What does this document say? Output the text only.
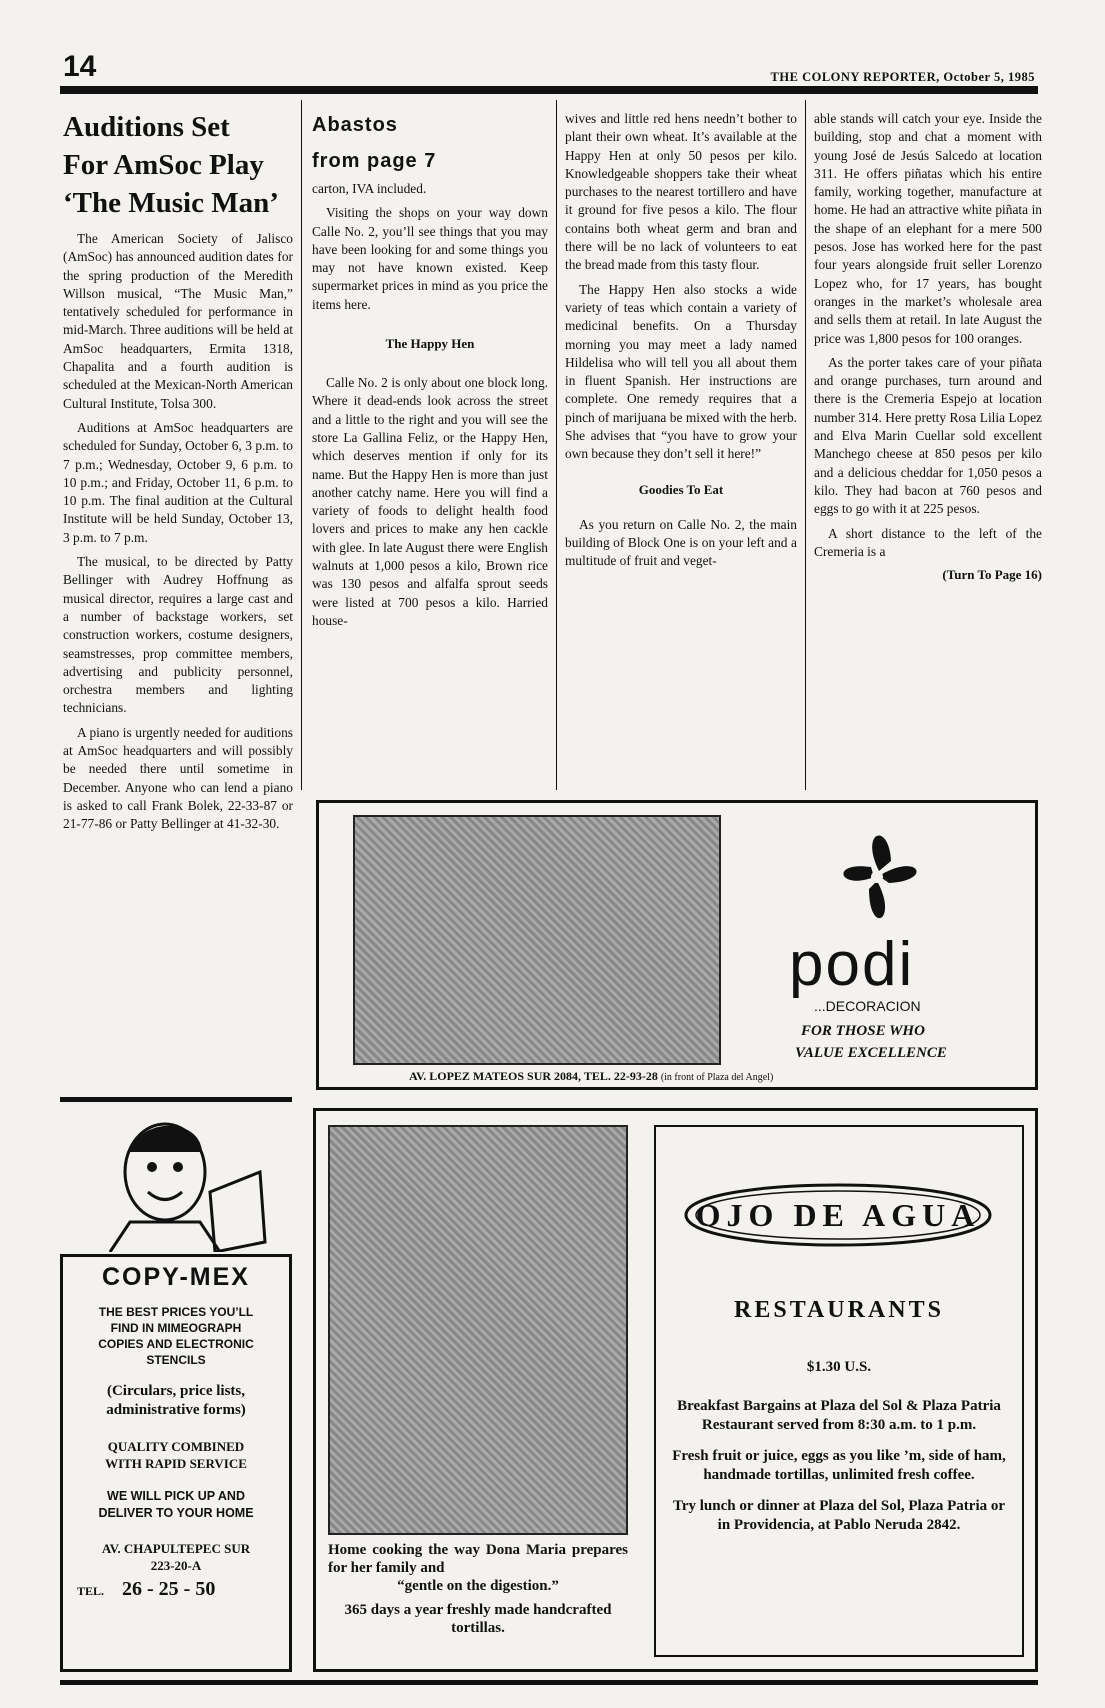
14	THE COLONY REPORTER, October 5, 1985
Auditions Set
For AmSoc Play
‘The Music Man’

The American Society of Jalisco (AmSoc) has announced audition dates for the spring production of the Meredith Willson musical, “The Music Man,” tentatively scheduled for performance in mid-March. Three auditions will be held at AmSoc headquarters, Ermita 1318, Chapalita and a fourth audition is scheduled at the Mexican-North American Cultural Institute, Tolsa 300.

Auditions at AmSoc headquarters are scheduled for Sunday, October 6, 3 p.m. to 7 p.m.; Wednesday, October 9, 6 p.m. to 10 p.m.; and Friday, October 11, 6 p.m. to 10 p.m. The final audition at the Cultural Institute will be held Sunday, October 13, 3 p.m. to 7 p.m.

The musical, to be directed by Patty Bellinger with Audrey Hoffnung as musical director, requires a large cast and a number of backstage workers, set construction workers, costume designers, seamstresses, prop committee members, advertising and publicity personnel, orchestra members and lighting technicians.

A piano is urgently needed for auditions at AmSoc headquarters and will possibly be needed there until sometime in December. Anyone who can lend a piano is asked to call Frank Bolek, 22-33-87 or 21-77-86 or Patty Bellinger at 41-32-30.

Abastos
from page 7

carton, IVA included.

Visiting the shops on your way down Calle No. 2, you’ll see things that you may have been looking for and some things you may not have known existed. Keep supermarket prices in mind as you price the items here.

The Happy Hen

Calle No. 2 is only about one block long. Where it dead-ends look across the street and a little to the right and you will see the store La Gallina Feliz, or the Happy Hen, which deserves mention if only for its name. But the Happy Hen is more than just another catchy name. Here you will find a variety of foods to delight health food lovers and prices to make any hen cackle with glee. In late August there were English walnuts at 1,000 pesos a kilo, Brown rice was 130 pesos and alfalfa sprout seeds were listed at 700 pesos a kilo. Harried house-

wives and little red hens needn’t bother to plant their own wheat. It’s available at the Happy Hen at only 50 pesos per kilo. Knowledgeable shoppers take their wheat purchases to the nearest tortillero and have it ground for five pesos a kilo. The flour contains both wheat germ and bran and there will be no lack of volunteers to eat the bread made from this tasty flour.

The Happy Hen also stocks a wide variety of teas which contain a variety of medicinal benefits. On a Thursday morning you may meet a lady named Hildelisa who will tell you all about them in fluent Spanish. Her instructions are complete. One remedy requires that a pinch of marijuana be mixed with the herb. She advises that “you have to grow your own because they don’t sell it here!”

Goodies To Eat

As you return on Calle No. 2, the main building of Block One is on your left and a multitude of fruit and veget-

able stands will catch your eye. Inside the building, stop and chat a moment with young José de Jesús Salcedo at location 311. He offers piñatas which his entire family, working together, manufacture at home. He had an attractive white piñata in the shape of an elephant for a mere 500 pesos. Jose has worked here for the past four years alongside fruit seller Lorenzo Lopez who, for 17 years, has bought oranges in the market’s wholesale area and sells them at retail. In late August the price was 1,800 pesos for 100 oranges.

As the porter takes care of your piñata and orange purchases, turn around and there is the Cremeria Espejo at location number 314. Here pretty Rosa Lilia Lopez and Elva Marin Cuellar sold excellent Manchego cheese at 850 pesos per kilo and a delicious cheddar for 1,050 pesos a kilo. They had bacon at 760 pesos and eggs to go with it at 225 pesos.

A short distance to the left of the Cremeria is a

(Turn To Page 16)
podi
...DECORACION
FOR THOSE WHO
VALUE EXCELLENCE
AV. LOPEZ MATEOS SUR 2084, TEL. 22-93-28 (in front of Plaza del Angel)
COPY-MEX
THE BEST PRICES YOU’LL
FIND IN MIMEOGRAPH
COPIES AND ELECTRONIC
STENCILS
(Circulars, price lists,
administrative forms)
QUALITY COMBINED
WITH RAPID SERVICE
WE WILL PICK UP AND
DELIVER TO YOUR HOME
AV. CHAPULTEPEC SUR
223-20-A
TEL. 26 - 25 - 50
Home cooking the way Dona Maria prepares for her family and
“gentle on the digestion.”
365 days a year freshly made handcrafted tortillas.
OJO DE AGUA
RESTAURANTS
$1.30 U.S.
Breakfast Bargains at Plaza del Sol & Plaza Patria Restaurant served from 8:30 a.m. to 1 p.m.
Fresh fruit or juice, eggs as you like ’m, side of ham, handmade tortillas, unlimited fresh coffee.
Try lunch or dinner at Plaza del Sol, Plaza Patria or in Providencia, at Pablo Neruda 2842.
